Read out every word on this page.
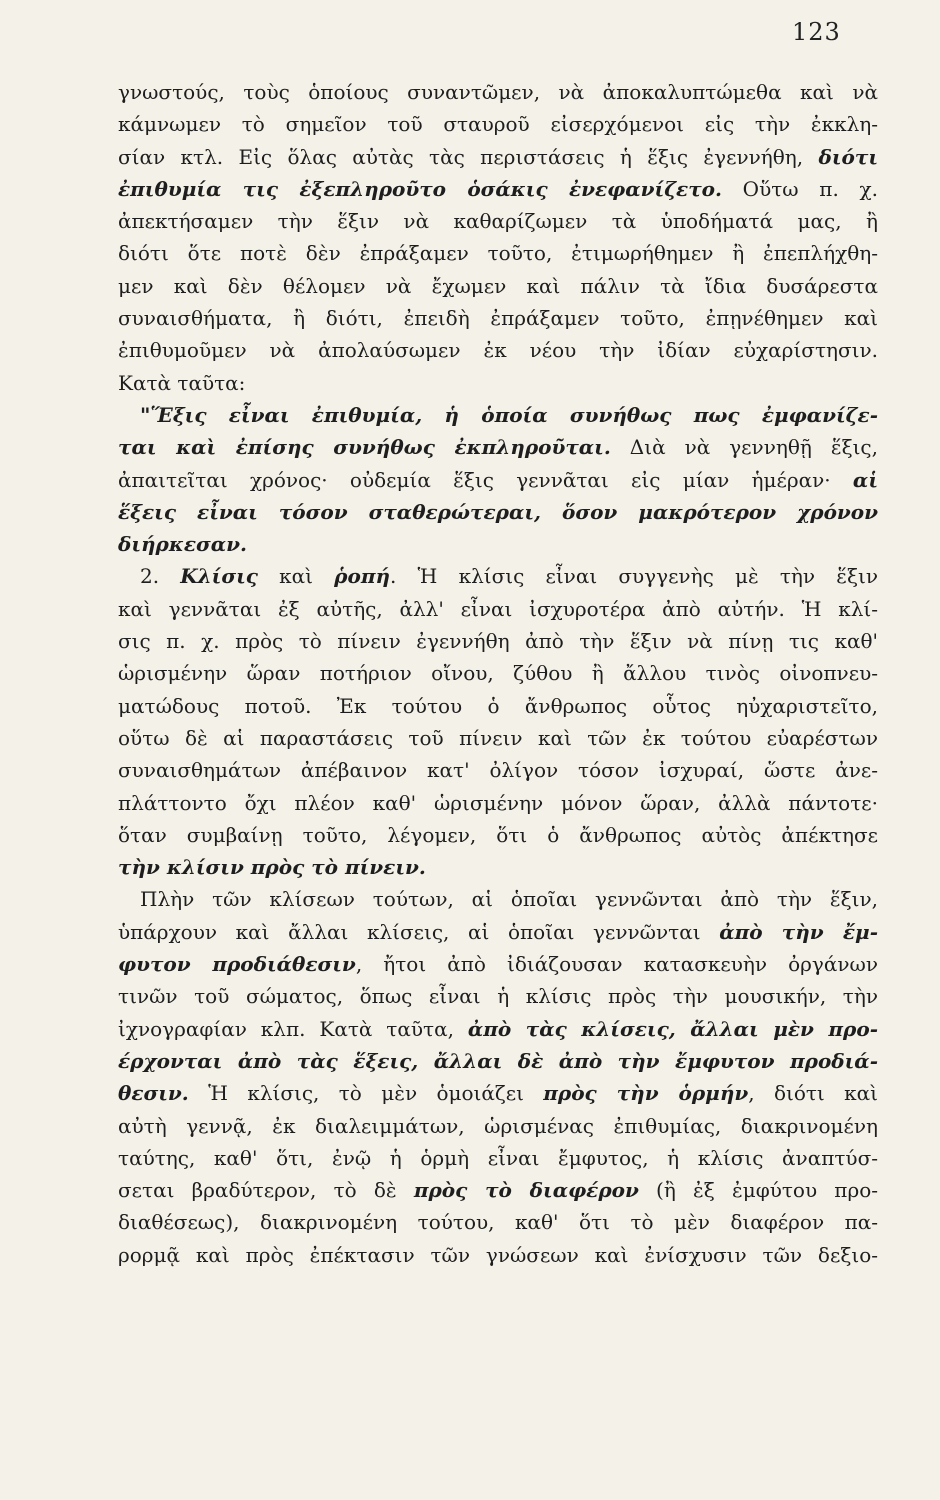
123
γνωστούς, τοὺς ὁποίους συναντῶμεν, νὰ ἀποκαλυπτώμεθα καὶ νὰ
κάμνωμεν τὸ σημεῖον τοῦ σταυροῦ εἰσερχόμενοι εἰς τὴν ἐκκλη-
σίαν κτλ. Εἰς ὅλας αὐτὰς τὰς περιστάσεις ἡ ἕξις ἐγεννήθη, διότι
ἐπιθυμία τις ἐξεπληροῦτο ὁσάκις ἐνεφανίζετο. Οὕτω π. χ.
ἀπεκτήσαμεν τὴν ἕξιν νὰ καθαρίζωμεν τὰ ὑποδήματά μας, ἢ
διότι ὅτε ποτὲ δὲν ἐπράξαμεν τοῦτο, ἐτιμωρήθημεν ἢ ἐπεπλήχθη-
μεν καὶ δὲν θέλομεν νὰ ἔχωμεν καὶ πάλιν τὰ ἴδια δυσάρεστα
συναισθήματα, ἢ διότι, ἐπειδὴ ἐπράξαμεν τοῦτο, ἐπῃνέθημεν καὶ
ἐπιθυμοῦμεν νὰ ἀπολαύσωμεν ἐκ νέου τὴν ἰδίαν εὐχαρίστησιν.
Κατὰ ταῦτα:
"Ἕξις εἶναι ἐπιθυμία, ἡ ὁποία συνήθως πως ἐμφανίζε-
ται καὶ ἐπίσης συνήθως ἐκπληροῦται. Διὰ νὰ γεννηθῇ ἕξις,
ἀπαιτεῖται χρόνος· οὐδεμία ἕξις γεννᾶται εἰς μίαν ἡμέραν· αἱ
ἕξεις εἶναι τόσον σταθερώτεραι, ὅσον μακρότερον χρόνον
διήρκεσαν.
2. Κλίσις καὶ ῥοπή. Ἡ κλίσις εἶναι συγγενὴς μὲ τὴν ἕξιν
καὶ γεννᾶται ἐξ αὐτῆς, ἀλλ' εἶναι ἰσχυροτέρα ἀπὸ αὐτήν. Ἡ κλί-
σις π. χ. πρὸς τὸ πίνειν ἐγεννήθη ἀπὸ τὴν ἕξιν νὰ πίνῃ τις καθ'
ὡρισμένην ὥραν ποτήριον οἴνου, ζύθου ἢ ἄλλου τινὸς οἰνοπνευ-
ματώδους ποτοῦ. Ἐκ τούτου ὁ ἄνθρωπος οὗτος ηὐχαριστεῖτο,
οὕτω δὲ αἱ παραστάσεις τοῦ πίνειν καὶ τῶν ἐκ τούτου εὐαρέστων
συναισθημάτων ἀπέβαινον κατ' ὀλίγον τόσον ἰσχυραί, ὥστε ἀνε-
πλάττοντο ὄχι πλέον καθ' ὡρισμένην μόνον ὥραν, ἀλλὰ πάντοτε·
ὅταν συμβαίνῃ τοῦτο, λέγομεν, ὅτι ὁ ἄνθρωπος αὐτὸς ἀπέκτησε
τὴν κλίσιν πρὸς τὸ πίνειν.
Πλὴν τῶν κλίσεων τούτων, αἱ ὁποῖαι γεννῶνται ἀπὸ τὴν ἕξιν,
ὑπάρχουν καὶ ἄλλαι κλίσεις, αἱ ὁποῖαι γεννῶνται ἀπὸ τὴν ἔμ-
φυτον προδιάθεσιν, ἤτοι ἀπὸ ἰδιάζουσαν κατασκευὴν ὀργάνων
τινῶν τοῦ σώματος, ὅπως εἶναι ἡ κλίσις πρὸς τὴν μουσικήν, τὴν
ἰχνογραφίαν κλπ. Κατὰ ταῦτα, ἀπὸ τὰς κλίσεις, ἄλλαι μὲν προ-
έρχονται ἀπὸ τὰς ἕξεις, ἄλλαι δὲ ἀπὸ τὴν ἔμφυτον προδιά-
θεσιν. Ἡ κλίσις, τὸ μὲν ὁμοιάζει πρὸς τὴν ὁρμήν, διότι καὶ
αὐτὴ γεννᾷ, ἐκ διαλειμμάτων, ὡρισμένας ἐπιθυμίας, διακρινομένη
ταύτης, καθ' ὅτι, ἐνῷ ἡ ὁρμὴ εἶναι ἔμφυτος, ἡ κλίσις ἀναπτύσ-
σεται βραδύτερον, τὸ δὲ πρὸς τὸ διαφέρον (ἢ ἐξ ἐμφύτου προ-
διαθέσεως), διακρινομένη τούτου, καθ' ὅτι τὸ μὲν διαφέρον πα-
ρορμᾷ καὶ πρὸς ἐπέκτασιν τῶν γνώσεων καὶ ἐνίσχυσιν τῶν δεξιο-
